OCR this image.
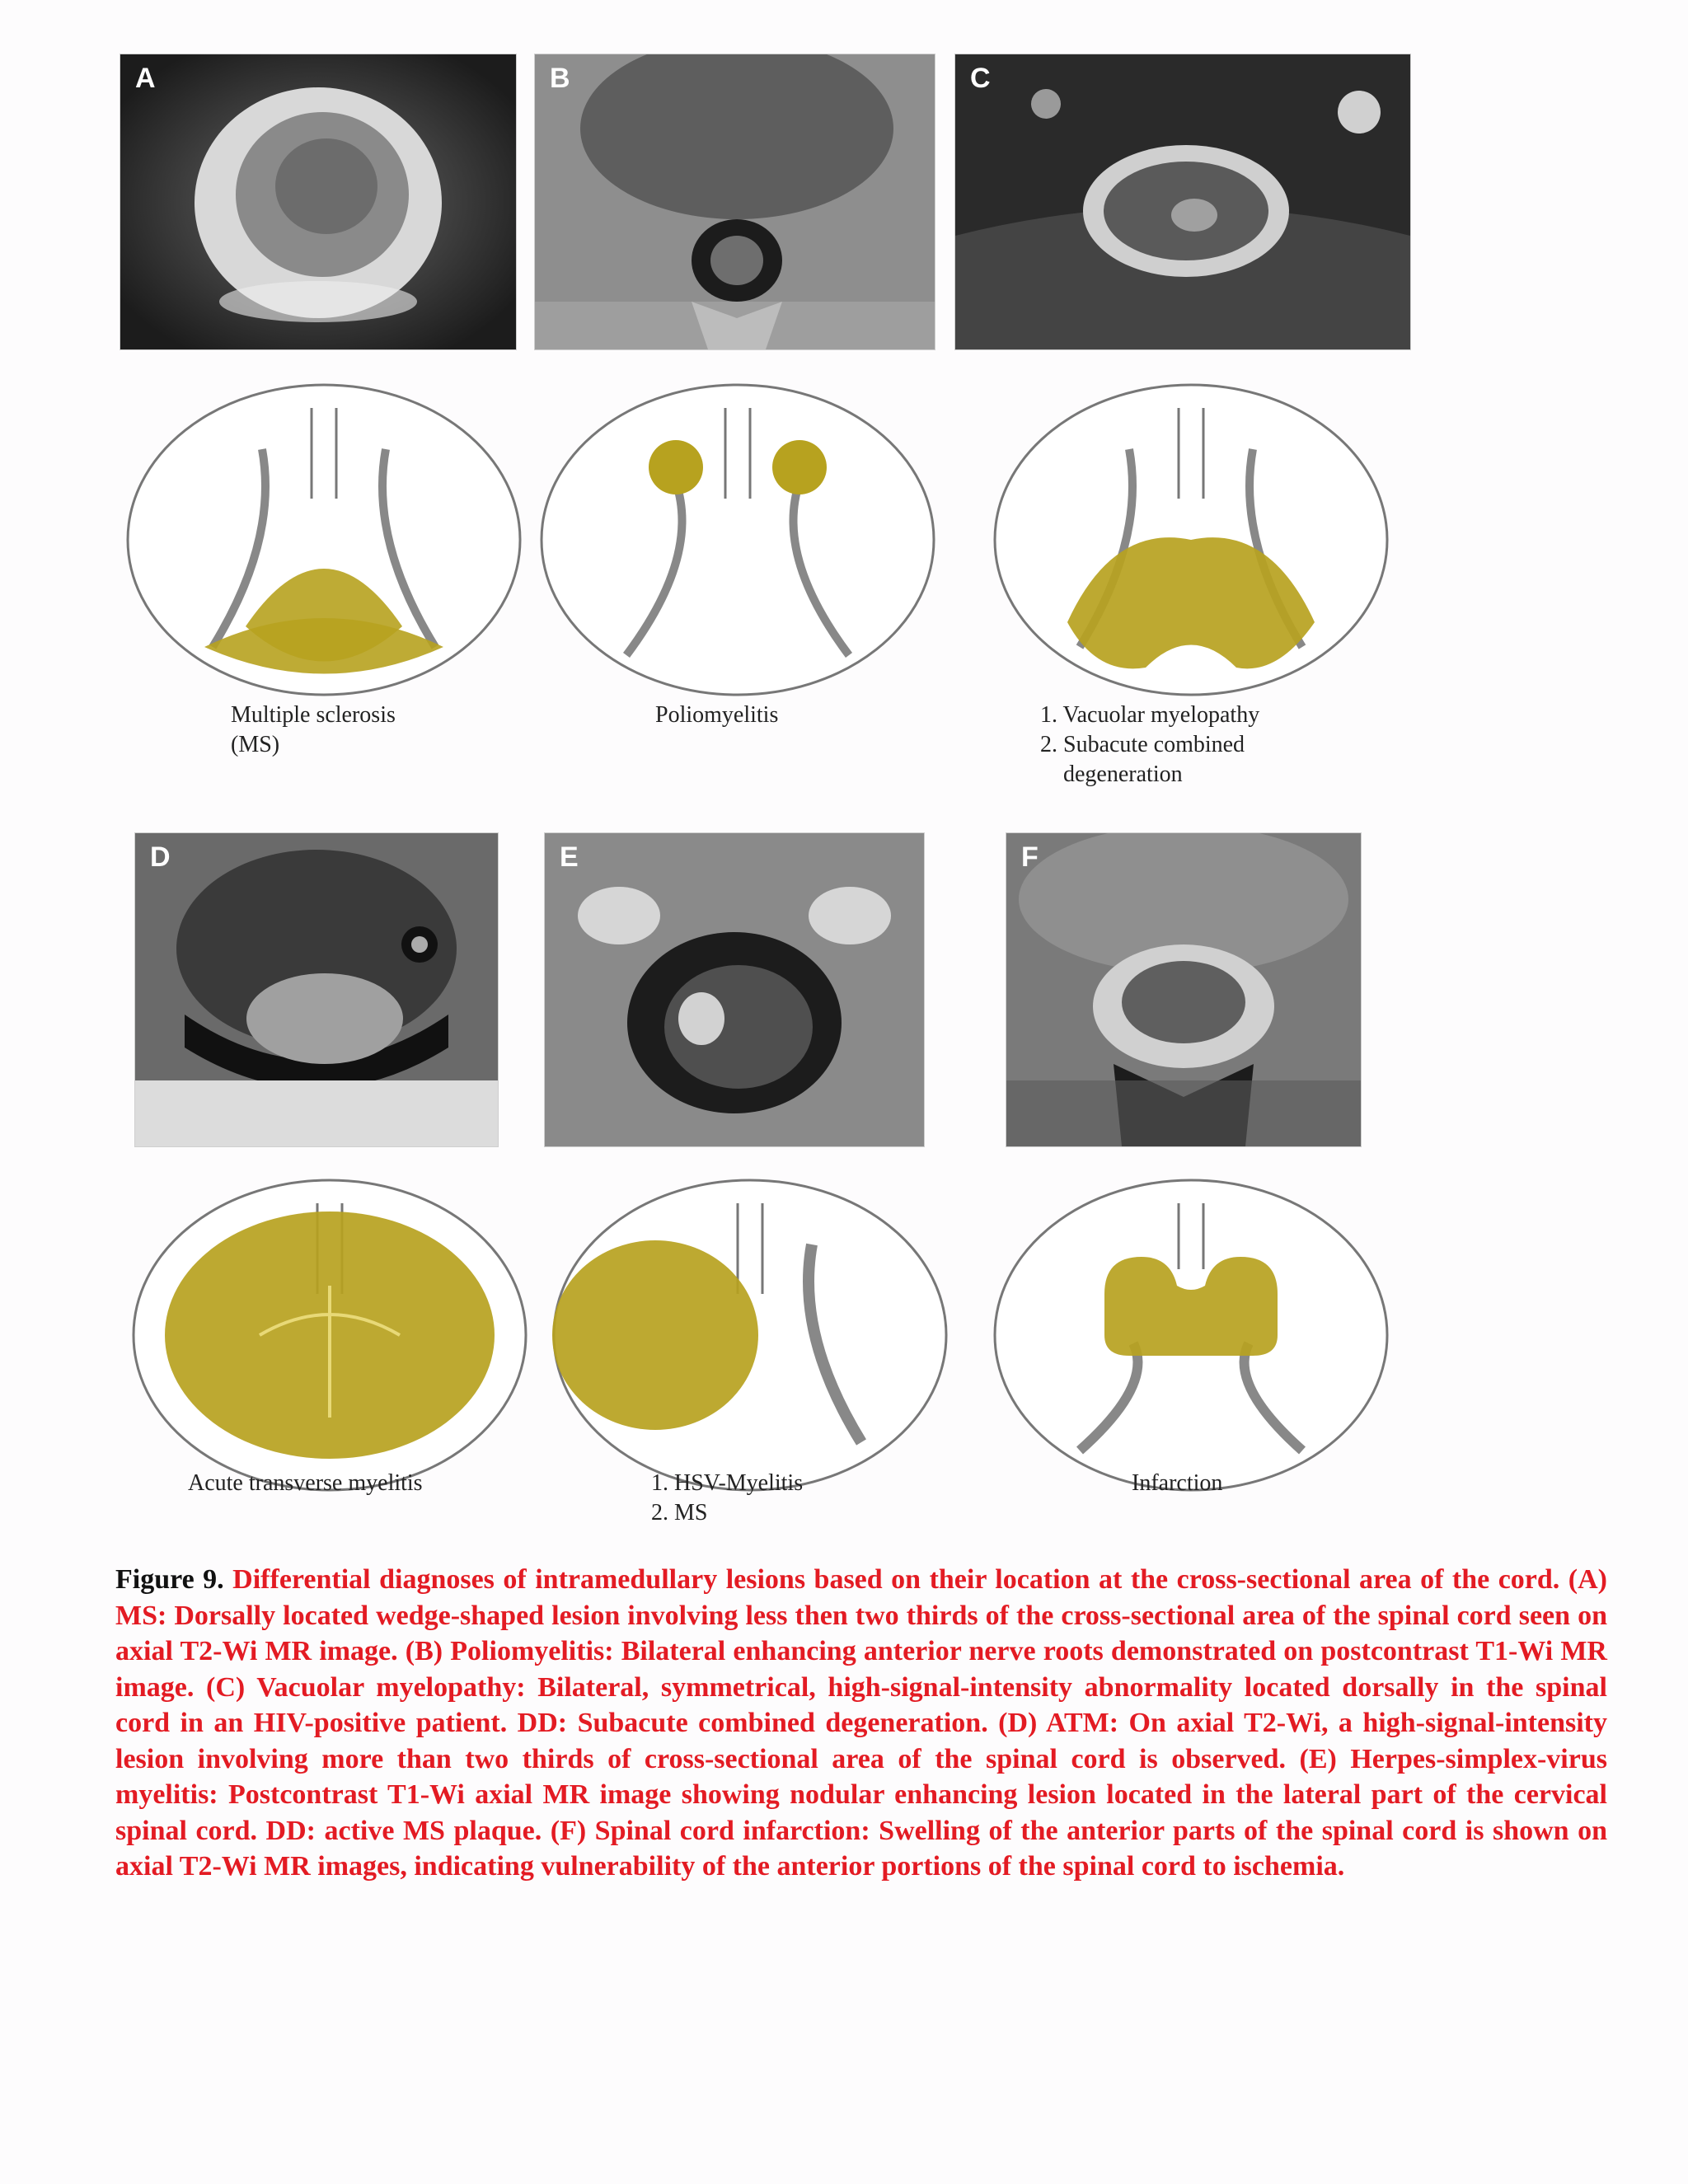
A	B	C
Multiple sclerosis
(MS)
Poliomyelitis	1. Vacuolar myelopathy
2. Subacute combined
degeneration
D	E	F
Acute transverse myelitis	1. HSV-Myelitis
2. MS
Infarction
Figure 9. Differential diagnoses of intramedullary lesions based on their location at the cross-sectional area of the cord. (A) MS: Dorsally located wedge-shaped lesion involving less then two thirds of the cross-sectional area of the spinal cord seen on axial T2-Wi MR image. (B) Poliomyelitis: Bilateral enhancing anterior nerve roots demonstrated on postcontrast T1-Wi MR image. (C) Vacuolar myelopathy: Bilateral, symmetrical, high-signal-intensity abnormality located dorsally in the spinal cord in an HIV-positive patient. DD: Subacute combined degeneration. (D) ATM: On axial T2-Wi, a high-signal-intensity lesion involving more than two thirds of cross-sectional area of the spinal cord is observed. (E) Herpes-simplex-virus myelitis: Postcontrast T1-Wi axial MR image showing nodular enhancing lesion located in the lateral part of the cervical spinal cord. DD: active MS plaque. (F) Spinal cord infarction: Swelling of the anterior parts of the spinal cord is shown on axial T2-Wi MR images, indicating vulnerability of the anterior portions of the spinal cord to ischemia.
